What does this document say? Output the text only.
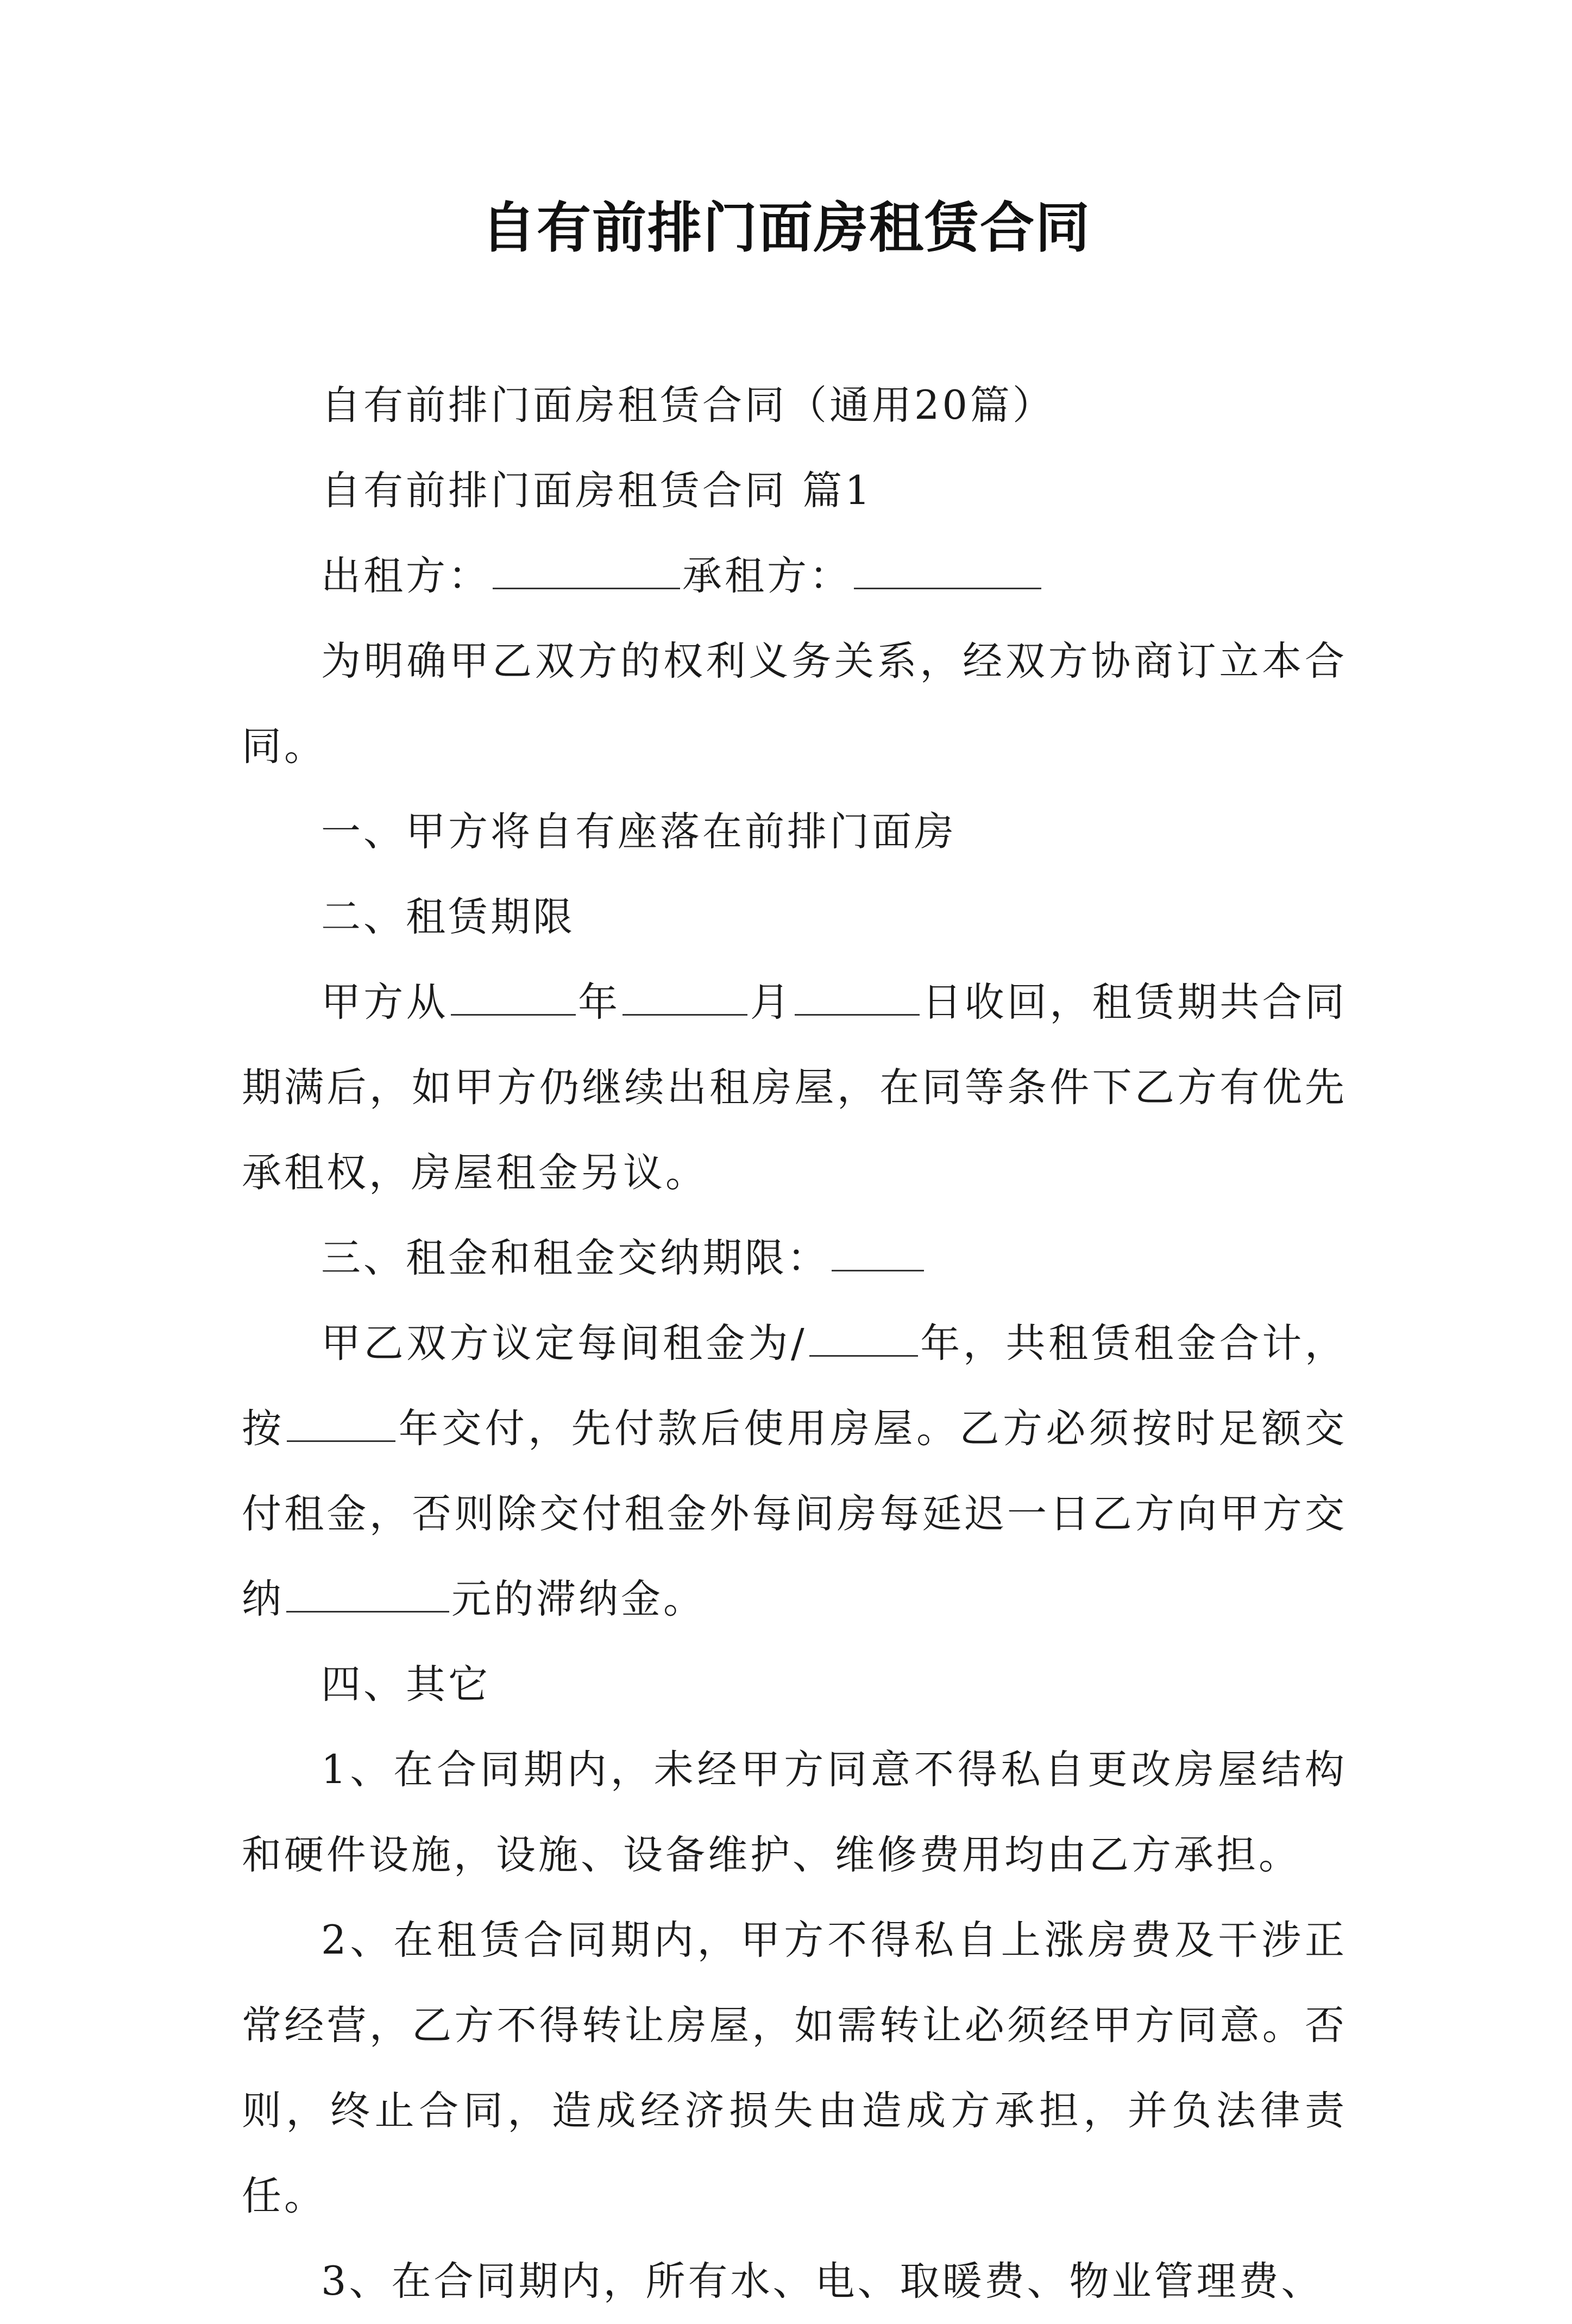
自有前排门面房租赁合同

自有前排门面房租赁合同（通用20篇）

自有前排门面房租赁合同 篇1

出租方：	承租方：

为明确甲乙双方的权利义务关系，经双方协商订立本合同。

一、甲方将自有座落在前排门面房

二、租赁期限

甲方从	年	月	日收回，租赁期共合同期满后，如甲方仍继续出租房屋，在同等条件下乙方有优先承租权，房屋租金另议。

三、租金和租金交纳期限：

甲乙双方议定每间租金为/	年，共租赁租金合计，按	年交付，先付款后使用房屋。乙方必须按时足额交付租金，否则除交付租金外每间房每延迟一日乙方向甲方交纳	元的滞纳金。

四、其它

1、在合同期内，未经甲方同意不得私自更改房屋结构和硬件设施，设施、设备维护、维修费用均由乙方承担。

2、在租赁合同期内，甲方不得私自上涨房费及干涉正常经营，乙方不得转让房屋，如需转让必须经甲方同意。否则，终止合同，造成经济损失由造成方承担，并负法律责任。

3、在合同期内，所有水、电、取暖费、物业管理费、
